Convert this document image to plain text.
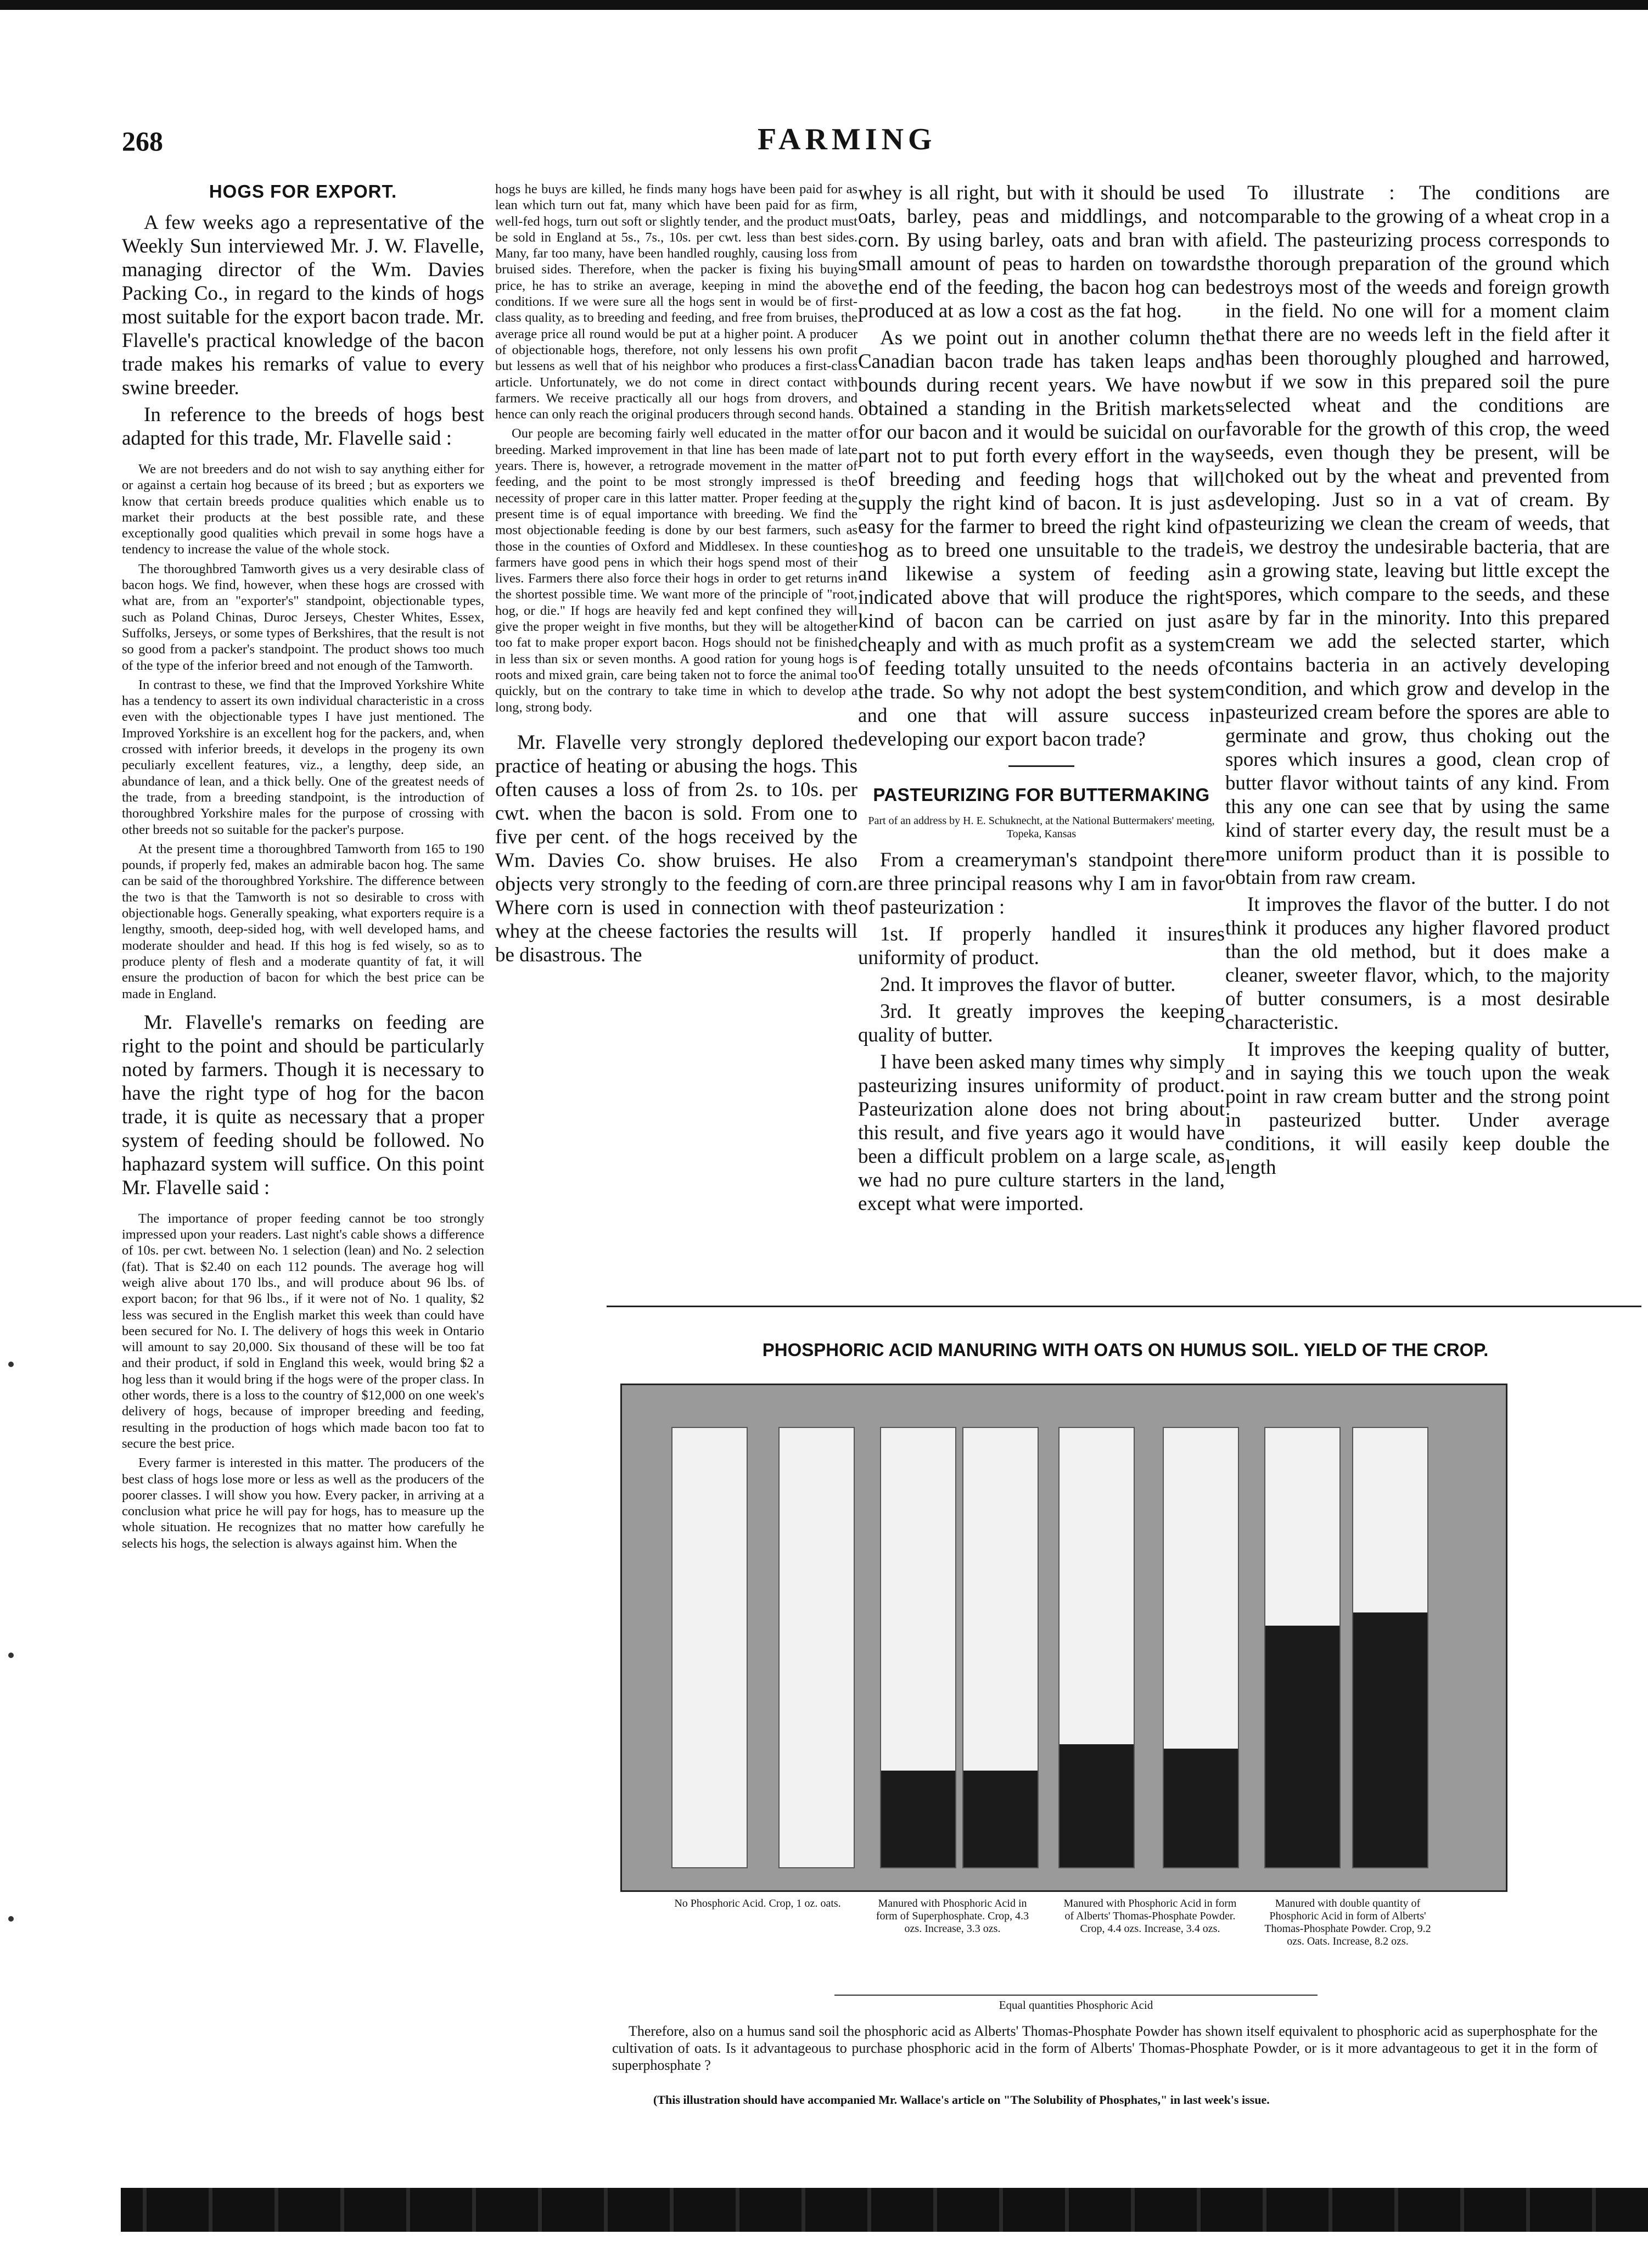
268	FARMING
HOGS FOR EXPORT.

A few weeks ago a representative of the Weekly Sun interviewed Mr. J. W. Flavelle, managing director of the Wm. Davies Packing Co., in regard to the kinds of hogs most suitable for the export bacon trade. Mr. Flavelle's practical knowledge of the bacon trade makes his remarks of value to every swine breeder.

In reference to the breeds of hogs best adapted for this trade, Mr. Flavelle said :

We are not breeders and do not wish to say anything either for or against a certain hog because of its breed ; but as exporters we know that certain breeds produce qualities which enable us to market their products at the best possible rate, and these exceptionally good qualities which prevail in some hogs have a tendency to increase the value of the whole stock.

The thoroughbred Tamworth gives us a very desirable class of bacon hogs. We find, however, when these hogs are crossed with what are, from an "exporter's" standpoint, objectionable types, such as Poland Chinas, Duroc Jerseys, Chester Whites, Essex, Suffolks, Jerseys, or some types of Berkshires, that the result is not so good from a packer's standpoint. The product shows too much of the type of the inferior breed and not enough of the Tamworth.

In contrast to these, we find that the Improved Yorkshire White has a tendency to assert its own individual characteristic in a cross even with the objectionable types I have just mentioned. The Improved Yorkshire is an excellent hog for the packers, and, when crossed with inferior breeds, it develops in the progeny its own peculiarly excellent features, viz., a lengthy, deep side, an abundance of lean, and a thick belly. One of the greatest needs of the trade, from a breeding standpoint, is the introduction of thoroughbred Yorkshire males for the purpose of crossing with other breeds not so suitable for the packer's purpose.

At the present time a thoroughbred Tamworth from 165 to 190 pounds, if properly fed, makes an admirable bacon hog. The same can be said of the thoroughbred Yorkshire. The difference between the two is that the Tamworth is not so desirable to cross with objectionable hogs. Generally speaking, what exporters require is a lengthy, smooth, deep-sided hog, with well developed hams, and moderate shoulder and head. If this hog is fed wisely, so as to produce plenty of flesh and a moderate quantity of fat, it will ensure the production of bacon for which the best price can be made in England.

Mr. Flavelle's remarks on feeding are right to the point and should be particularly noted by farmers. Though it is necessary to have the right type of hog for the bacon trade, it is quite as necessary that a proper system of feeding should be followed. No haphazard system will suffice. On this point Mr. Flavelle said :

The importance of proper feeding cannot be too strongly impressed upon your readers. Last night's cable shows a difference of 10s. per cwt. between No. 1 selection (lean) and No. 2 selection (fat). That is $2.40 on each 112 pounds. The average hog will weigh alive about 170 lbs., and will produce about 96 lbs. of export bacon; for that 96 lbs., if it were not of No. 1 quality, $2 less was secured in the English market this week than could have been secured for No. I. The delivery of hogs this week in Ontario will amount to say 20,000. Six thousand of these will be too fat and their product, if sold in England this week, would bring $2 a hog less than it would bring if the hogs were of the proper class. In other words, there is a loss to the country of $12,000 on one week's delivery of hogs, because of improper breeding and feeding, resulting in the production of hogs which made bacon too fat to secure the best price.

Every farmer is interested in this matter. The producers of the best class of hogs lose more or less as well as the producers of the poorer classes. I will show you how. Every packer, in arriving at a conclusion what price he will pay for hogs, has to measure up the whole situation. He recognizes that no matter how carefully he selects his hogs, the selection is always against him. When the

hogs he buys are killed, he finds many hogs have been paid for as lean which turn out fat, many which have been paid for as firm, well-fed hogs, turn out soft or slightly tender, and the product must be sold in England at 5s., 7s., 10s. per cwt. less than best sides. Many, far too many, have been handled roughly, causing loss from bruised sides. Therefore, when the packer is fixing his buying price, he has to strike an average, keeping in mind the above conditions. If we were sure all the hogs sent in would be of first-class quality, as to breeding and feeding, and free from bruises, the average price all round would be put at a higher point. A producer of objectionable hogs, therefore, not only lessens his own profit but lessens as well that of his neighbor who produces a first-class article. Unfortunately, we do not come in direct contact with farmers. We receive practically all our hogs from drovers, and hence can only reach the original producers through second hands.

Our people are becoming fairly well educated in the matter of breeding. Marked improvement in that line has been made of late years. There is, however, a retrograde movement in the matter of feeding, and the point to be most strongly impressed is the necessity of proper care in this latter matter. Proper feeding at the present time is of equal importance with breeding. We find the most objectionable feeding is done by our best farmers, such as those in the counties of Oxford and Middlesex. In these counties farmers have good pens in which their hogs spend most of their lives. Farmers there also force their hogs in order to get returns in the shortest possible time. We want more of the principle of "root, hog, or die." If hogs are heavily fed and kept confined they will give the proper weight in five months, but they will be altogether too fat to make proper export bacon. Hogs should not be finished in less than six or seven months. A good ration for young hogs is roots and mixed grain, care being taken not to force the animal too quickly, but on the contrary to take time in which to develop a long, strong body.

Mr. Flavelle very strongly deplored the practice of heating or abusing the hogs. This often causes a loss of from 2s. to 10s. per cwt. when the bacon is sold. From one to five per cent. of the hogs received by the Wm. Davies Co. show bruises. He also objects very strongly to the feeding of corn. Where corn is used in connection with the whey at the cheese factories the results will be disastrous. The

whey is all right, but with it should be used oats, barley, peas and middlings, and not corn. By using barley, oats and bran with a small amount of peas to harden on towards the end of the feeding, the bacon hog can be produced at as low a cost as the fat hog.

As we point out in another column the Canadian bacon trade has taken leaps and bounds during recent years. We have now obtained a standing in the British markets for our bacon and it would be suicidal on our part not to put forth every effort in the way of breeding and feeding hogs that will supply the right kind of bacon. It is just as easy for the farmer to breed the right kind of hog as to breed one unsuitable to the trade and likewise a system of feeding as indicated above that will produce the right kind of bacon can be carried on just as cheaply and with as much profit as a system of feeding totally unsuited to the needs of the trade. So why not adopt the best system and one that will assure success in developing our export bacon trade?

PASTEURIZING FOR BUTTERMAKING
Part of an address by H. E. Schuknecht, at the National Buttermakers' meeting, Topeka, Kansas

From a creameryman's standpoint there are three principal reasons why I am in favor of pasteurization :

1st. If properly handled it insures uniformity of product.

2nd. It improves the flavor of butter.

3rd. It greatly improves the keeping quality of butter.

I have been asked many times why simply pasteurizing insures uniformity of product. Pasteurization alone does not bring about this result, and five years ago it would have been a difficult problem on a large scale, as we had no pure culture starters in the land, except what were imported.

To illustrate : The conditions are comparable to the growing of a wheat crop in a field. The pasteurizing process corresponds to the thorough preparation of the ground which destroys most of the weeds and foreign growth in the field. No one will for a moment claim that there are no weeds left in the field after it has been thoroughly ploughed and harrowed, but if we sow in this prepared soil the pure selected wheat and the conditions are favorable for the growth of this crop, the weed seeds, even though they be present, will be choked out by the wheat and prevented from developing. Just so in a vat of cream. By pasteurizing we clean the cream of weeds, that is, we destroy the undesirable bacteria, that are in a growing state, leaving but little except the spores, which compare to the seeds, and these are by far in the minority. Into this prepared cream we add the selected starter, which contains bacteria in an actively developing condition, and which grow and develop in the pasteurized cream before the spores are able to germinate and grow, thus choking out the spores which insures a good, clean crop of butter flavor without taints of any kind. From this any one can see that by using the same kind of starter every day, the result must be a more uniform product than it is possible to obtain from raw cream.

It improves the flavor of the butter. I do not think it produces any higher flavored product than the old method, but it does make a cleaner, sweeter flavor, which, to the majority of butter consumers, is a most desirable characteristic.

It improves the keeping quality of butter, and in saying this we touch upon the weak point in raw cream butter and the strong point in pasteurized butter. Under average conditions, it will easily keep double the length

PHOSPHORIC ACID MANURING WITH OATS ON HUMUS SOIL. YIELD OF THE CROP.
No Phosphoric Acid. Crop, 1 oz. oats.	Manured with Phosphoric Acid in form of Superphosphate. Crop, 4.3 ozs. Increase, 3.3 ozs.
Manured with Phosphoric Acid in form of Alberts' Thomas-Phosphate Powder. Crop, 4.4 ozs. Increase, 3.4 ozs.
Manured with double quantity of Phosphoric Acid in form of Alberts' Thomas-Phosphate Powder. Crop, 9.2 ozs. Oats. Increase, 8.2 ozs.
Equal quantities Phosphoric Acid
Therefore, also on a humus sand soil the phosphoric acid as Alberts' Thomas-Phosphate Powder has shown itself equivalent to phosphoric acid as superphosphate for the cultivation of oats. Is it advantageous to purchase phosphoric acid in the form of Alberts' Thomas-Phosphate Powder, or is it more advantageous to get it in the form of superphosphate ?
(This illustration should have accompanied Mr. Wallace's article on "The Solubility of Phosphates," in last week's issue.
